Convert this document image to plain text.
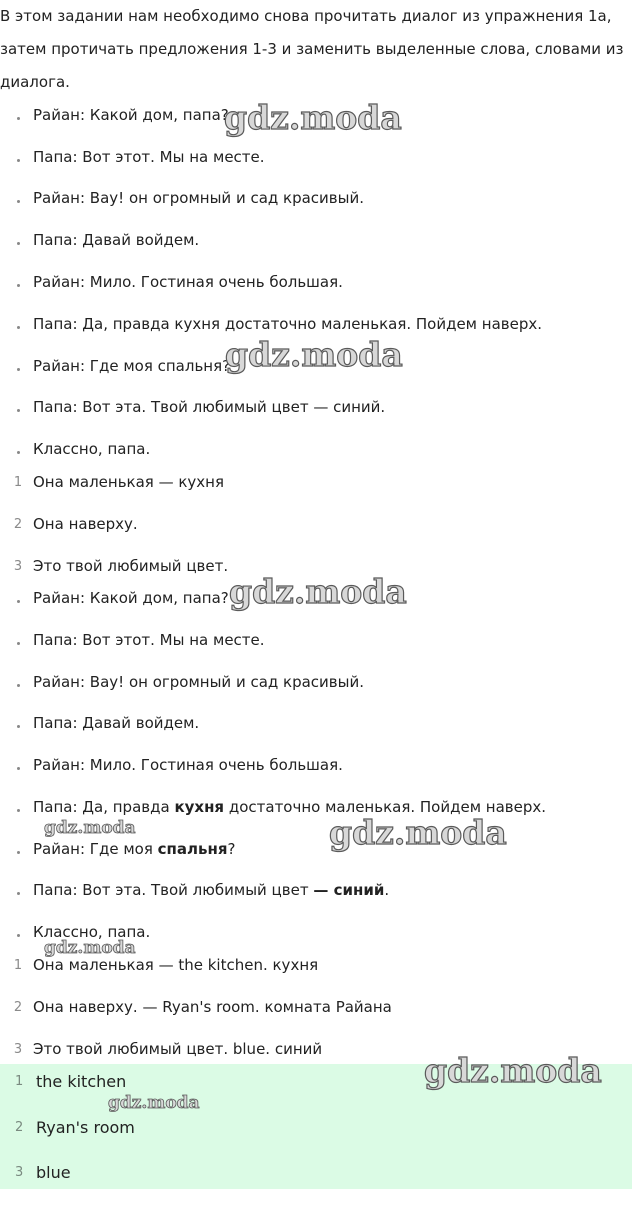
В этом задании нам необходимо снова прочитать диалог из упражнения 1а, затем протичать предложения 1-3 и заменить выделенные слова, словами из диалога.
Райан: Какой дом, папа?
Папа: Вот этот. Мы на месте.
Райан: Вау! он огромный и сад красивый.
Папа: Давай войдем.
Райан: Мило. Гостиная очень большая.
Папа: Да, правда кухня достаточно маленькая. Пойдем наверх.
Райан: Где моя спальня?
Папа: Вот эта. Твой любимый цвет — синий.
Классно, папа.
1 Она маленькая — кухня
2 Она наверху.
3 Это твой любимый цвет.
Райан: Какой дом, папа?
Папа: Вот этот. Мы на месте.
Райан: Вау! он огромный и сад красивый.
Папа: Давай войдем.
Райан: Мило. Гостиная очень большая.
Папа: Да, правда кухня достаточно маленькая. Пойдем наверх.
Райан: Где моя спальня?
Папа: Вот эта. Твой любимый цвет — синий.
Классно, папа.
1 Она маленькая — the kitchen. кухня
2 Она наверху. — Ryan's room. комната Райана
3 Это твой любимый цвет. blue. синий
1 the kitchen
2 Ryan's room
3 blue
gdz.moda
gdz.moda
gdz.moda
gdz.moda	gdz.moda
gdz.moda
gdz.moda
gdz.moda
